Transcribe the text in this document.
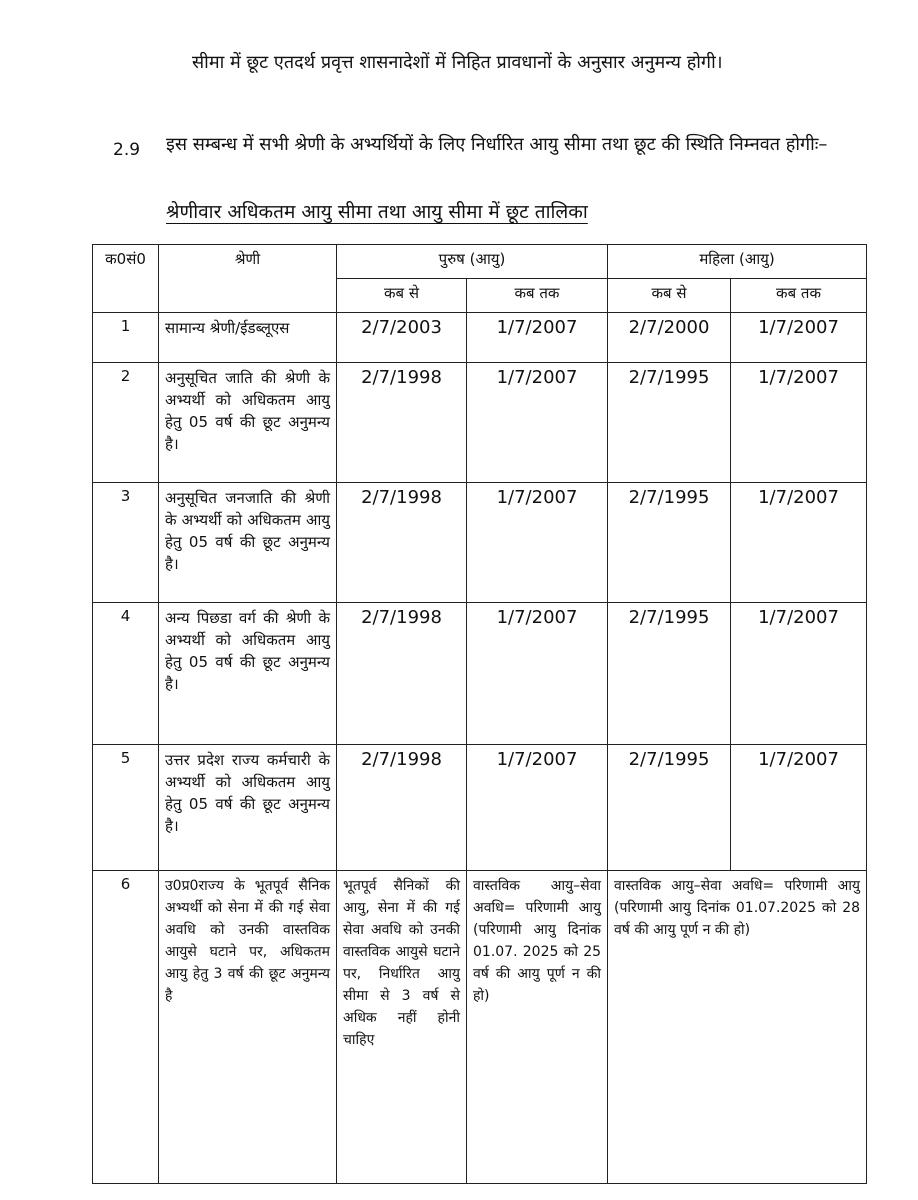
सीमा में छूट एतदर्थ प्रवृत्त शासनादेशों में निहित प्रावधानों के अनुसार अनुमन्य होगी।
2.9 इस सम्बन्ध में सभी श्रेणी के अभ्यर्थियों के लिए निर्धारित आयु सीमा तथा छूट की स्थिति निम्नवत होगीः–
श्रेणीवार अधिकतम आयु सीमा तथा आयु सीमा में छूट तालिका
क0सं0	श्रेणी	पुरुष (आयु)		महिला (आयु)	
		कब से	कब तक	कब से	कब तक
1	सामान्य श्रेणी/ईडब्लूएस	2/7/2003	1/7/2007	2/7/2000	1/7/2007
2	अनुसूचित जाति की श्रेणी के अभ्यर्थी को अधिकतम आयु हेतु 05 वर्ष की छूट अनुमन्य है।	2/7/1998	1/7/2007	2/7/1995	1/7/2007
3	अनुसूचित जनजाति की श्रेणी के अभ्यर्थी को अधिकतम आयु हेतु 05 वर्ष की छूट अनुमन्य है।	2/7/1998	1/7/2007	2/7/1995	1/7/2007
4	अन्य पिछडा वर्ग की श्रेणी के अभ्यर्थी को अधिकतम आयु हेतु 05 वर्ष की छूट अनुमन्य है।	2/7/1998	1/7/2007	2/7/1995	1/7/2007
5	उत्तर प्रदेश राज्य कर्मचारी के अभ्यर्थी को अधिकतम आयु हेतु 05 वर्ष की छूट अनुमन्य है।	2/7/1998	1/7/2007	2/7/1995	1/7/2007
6	उ0प्र0राज्य के भूतपूर्व सैनिक अभ्यर्थी को सेना में की गई सेवा अवधि को उनकी वास्तविक आयुसे घटाने पर, अधिकतम आयु हेतु 3 वर्ष की छूट अनुमन्य है	भूतपूर्व सैनिकों की आयु, सेना में की गई सेवा अवधि को उनकी वास्तविक आयुसे घटाने पर, निर्धारित आयु सीमा से 3 वर्ष से अधिक नहीं होनी चाहिए	वास्तविक आयु–सेवा अवधि= परिणामी आयु (परिणामी आयु दिनांक 01.07. 2025 को 25 वर्ष की आयु पूर्ण न की हो)	वास्तविक आयु–सेवा अवधि= परिणामी आयु (परिणामी आयु दिनांक 01.07.2025 को 28 वर्ष की आयु पूर्ण न की हो)	
